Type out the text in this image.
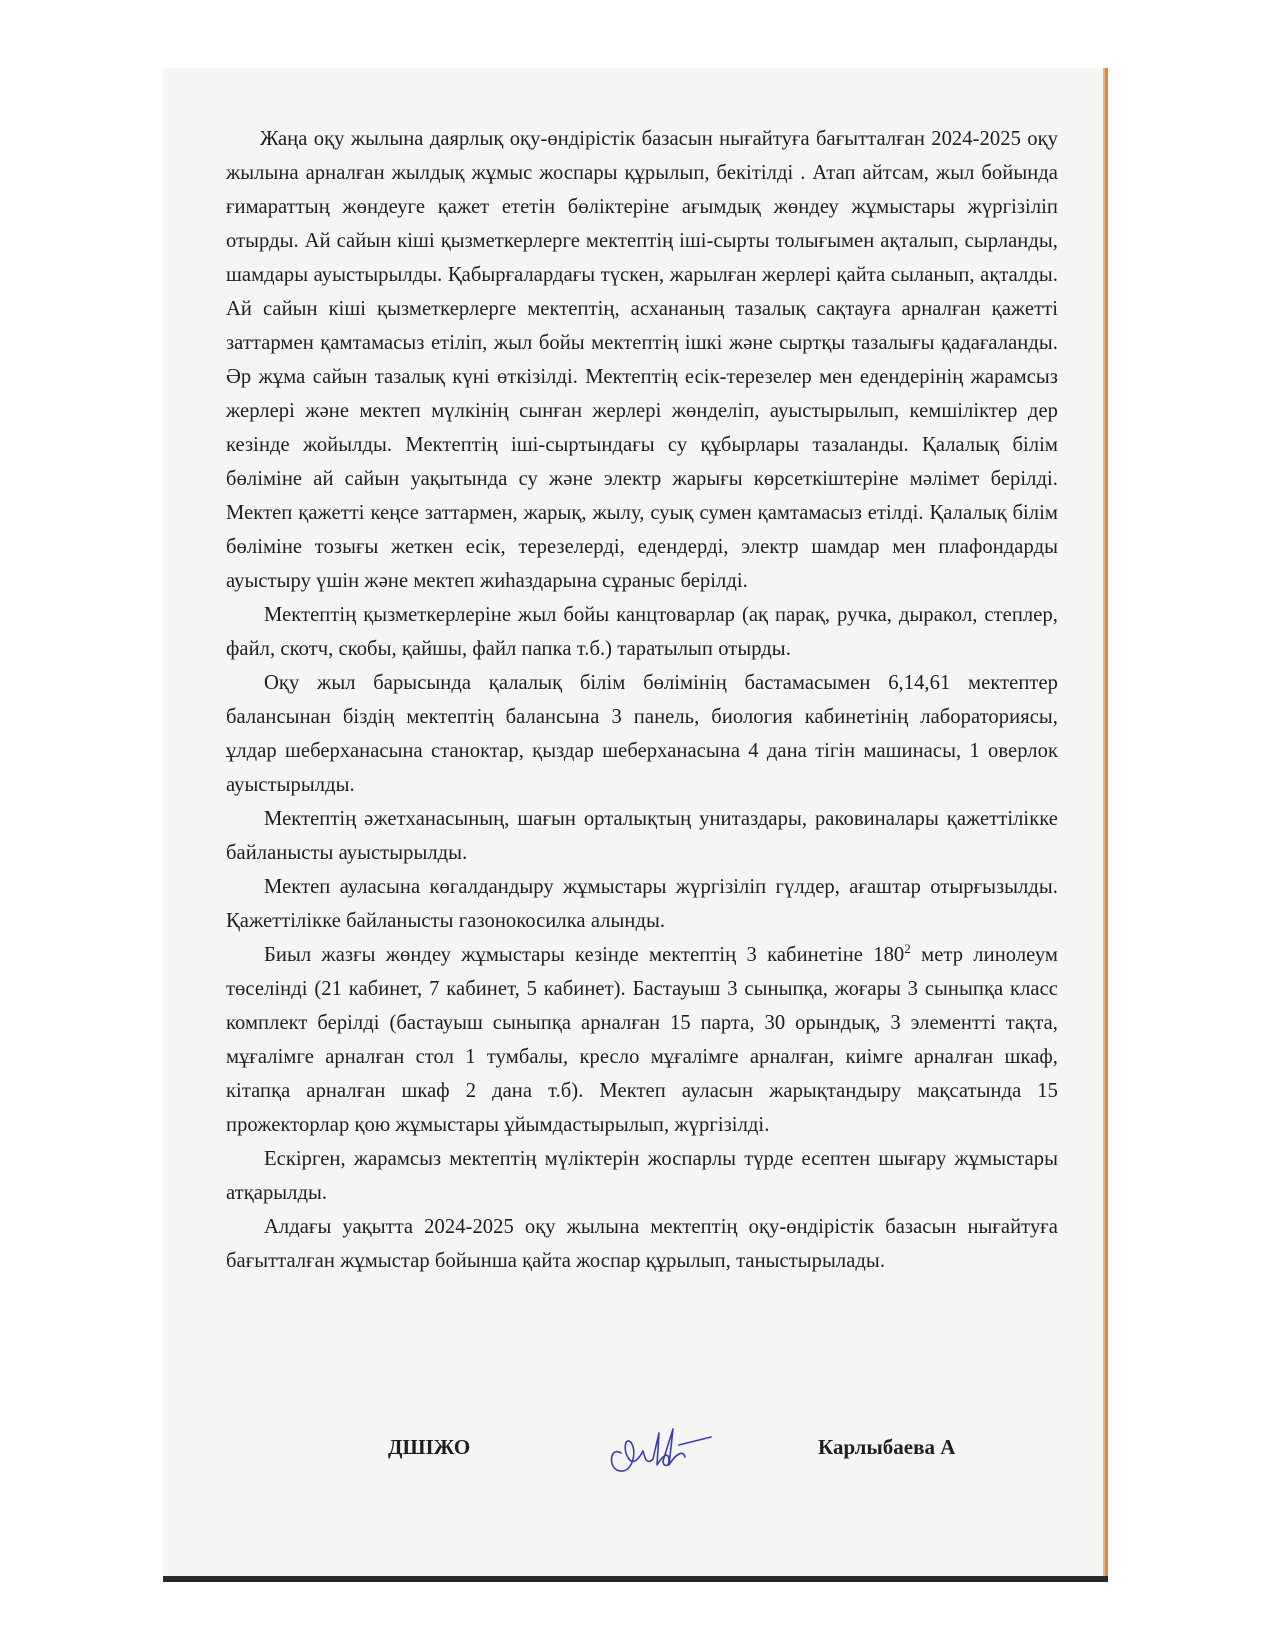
Жаңа оқу жылына даярлық оқу-өндірістік базасын нығайтуға бағытталған 2024-2025 оқу жылына арналған жылдық жұмыс жоспары құрылып, бекітілді . Атап айтсам, жыл бойында ғимараттың жөндеуге қажет ететін бөліктеріне ағымдық жөндеу жұмыстары жүргізіліп отырды. Ай сайын кіші қызметкерлерге мектептің іші-сырты толығымен ақталып, сырланды, шамдары ауыстырылды. Қабырғалардағы түскен, жарылған жерлері қайта сыланып, ақталды. Ай сайын кіші қызметкерлерге мектептің, асхананың тазалық сақтауға арналған қажетті заттармен қамтамасыз етіліп, жыл бойы мектептің ішкі және сыртқы тазалығы қадағаланды. Әр жұма сайын тазалық күні өткізілді. Мектептің есік-терезелер мен едендерінің жарамсыз жерлері және мектеп мүлкінің сынған жерлері жөнделіп, ауыстырылып, кемшіліктер дер кезінде жойылды. Мектептің іші-сыртындағы су құбырлары тазаланды. Қалалық білім бөліміне ай сайын уақытында су және электр жарығы көрсеткіштеріне мәлімет берілді. Мектеп қажетті кеңсе заттармен, жарық, жылу, суық сумен қамтамасыз етілді. Қалалық білім бөліміне тозығы жеткен есік, терезелерді, едендерді, электр шамдар мен плафондарды ауыстыру үшін және мектеп жиһаздарына сұраныс берілді.

Мектептің қызметкерлеріне жыл бойы канцтоварлар (ақ парақ, ручка, дыракол, степлер, файл, скотч, скобы, қайшы, файл папка т.б.) таратылып отырды.

Оқу жыл барысында қалалық білім бөлімінің бастамасымен 6,14,61 мектептер балансынан біздің мектептің балансына 3 панель, биология кабинетінің лабораториясы, ұлдар шеберханасына станоктар, қыздар шеберханасына 4 дана тігін машинасы, 1 оверлок ауыстырылды.

Мектептің әжетханасының, шағын орталықтың унитаздары, раковиналары қажеттілікке байланысты ауыстырылды.

Мектеп ауласына көгалдандыру жұмыстары жүргізіліп гүлдер, ағаштар отырғызылды. Қажеттілікке байланысты газонокосилка алынды.

Биыл жазғы жөндеу жұмыстары кезінде мектептің 3 кабинетіне $180^2$ метр линолеум төселінді (21 кабинет, 7 кабинет, 5 кабинет). Бастауыш 3 сыныпқа, жоғары 3 сыныпқа класс комплект берілді (бастауыш сыныпқа арналған 15 парта, 30 орындық, 3 элементті тақта, мұғалімге арналған стол 1 тумбалы, кресло мұғалімге арналған, киімге арналған шкаф, кітапқа арналған шкаф 2 дана т.б). Мектеп ауласын жарықтандыру мақсатында 15 прожекторлар қою жұмыстары ұйымдастырылып, жүргізілді.

Ескірген, жарамсыз мектептің мүліктерін жоспарлы түрде есептен шығару жұмыстары атқарылды.

Алдағы уақытта 2024-2025 оқу жылына мектептің оқу-өндірістік базасын нығайтуға бағытталған жұмыстар бойынша қайта жоспар құрылып, таныстырылады.

ДШІЖО	Карлыбаева А
